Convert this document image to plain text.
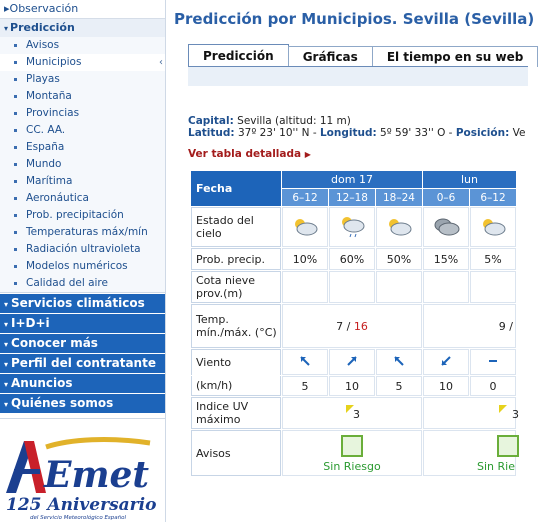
▸Observación
▾ Predicción
Avisos
Municipios	‹
Playas
Montaña
Provincias
CC. AA.
España
Mundo
Marítima
Aeronáutica
Prob. precipitación
Temperaturas máx/mín
Radiación ultravioleta
Modelos numéricos
Calidad del aire
▾ Servicios climáticos
▾ I+D+i
▾ Conocer más
▾ Perfil del contratante
▾ Anuncios
▾ Quiénes somos
Emet
125 Aniversario
del Servicio Meteorológico Español
Predicción por Municipios. Sevilla (Sevilla)
Predicción Gráficas El tiempo en su web
Capital: Sevilla (altitud: 11 m)
Latitud: 37º 23' 10'' N - Longitud: 5º 59' 33'' O - Posición: Ve
Ver tabla detallada ▶
Fecha	dom 17			lun	
	6–12	12–18	18–24	0–6	6–12
Estado del cielo					
Prob. precip.	10%	60%	50%	15%	5%
Cota nieve prov.(m)					
Temp. mín./máx. (°C)	7 / 16			9 /	
Viento					
(km/h)	5	10	5	10	0
Indice UV máximo	3			3	

Avisos	Sin Riesgo			Sin Rie	
